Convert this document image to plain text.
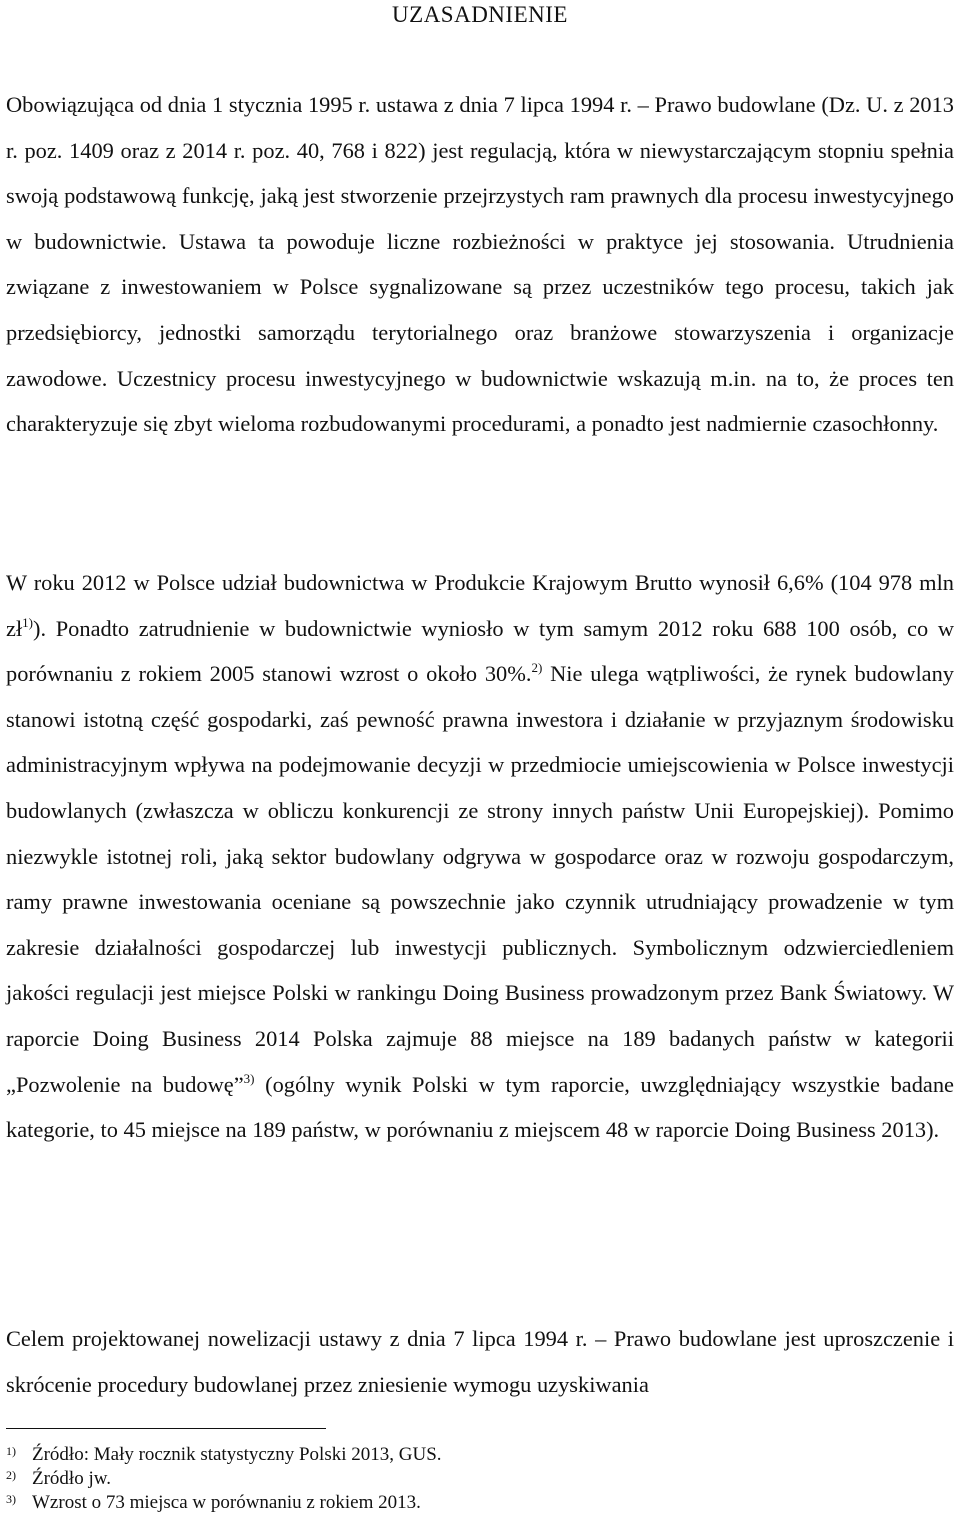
UZASADNIENIE

Obowiązująca od dnia 1 stycznia 1995 r. ustawa z dnia 7 lipca 1994 r. – Prawo budowlane (Dz. U. z 2013 r. poz. 1409 oraz z 2014 r. poz. 40, 768 i 822) jest regulacją, która w niewystarczającym stopniu spełnia swoją podstawową funkcję, jaką jest stworzenie przejrzystych ram prawnych dla procesu inwestycyjnego w budownictwie. Ustawa ta powoduje liczne rozbieżności w praktyce jej stosowania. Utrudnienia związane z inwestowaniem w Polsce sygnalizowane są przez uczestników tego procesu, takich jak przedsiębiorcy, jednostki samorządu terytorialnego oraz branżowe stowarzyszenia i organizacje zawodowe. Uczestnicy procesu inwestycyjnego w budownictwie wskazują m.in. na to, że proces ten charakteryzuje się zbyt wieloma rozbudowanymi procedurami, a ponadto jest nadmiernie czasochłonny.

W roku 2012 w Polsce udział budownictwa w Produkcie Krajowym Brutto wynosił 6,6% (104 978 mln $zł^{1)}$). Ponadto zatrudnienie w budownictwie wyniosło w tym samym 2012 roku 688 100 osób, co w porównaniu z rokiem 2005 stanowi wzrost o około 30%.$^{2)}$ Nie ulega wątpliwości, że rynek budowlany stanowi istotną część gospodarki, zaś pewność prawna inwestora i działanie w przyjaznym środowisku administracyjnym wpływa na podejmowanie decyzji w przedmiocie umiejscowienia w Polsce inwestycji budowlanych (zwłaszcza w obliczu konkurencji ze strony innych państw Unii Europejskiej). Pomimo niezwykle istotnej roli, jaką sektor budowlany odgrywa w gospodarce oraz w rozwoju gospodarczym, ramy prawne inwestowania oceniane są powszechnie jako czynnik utrudniający prowadzenie w tym zakresie działalności gospodarczej lub inwestycji publicznych. Symbolicznym odzwierciedleniem jakości regulacji jest miejsce Polski w rankingu Doing Business prowadzonym przez Bank Światowy. W raporcie Doing Business 2014 Polska zajmuje 88 miejsce na 189 badanych państw w kategorii „Pozwolenie na budowę”$^{3)}$ (ogólny wynik Polski w tym raporcie, uwzględniający wszystkie badane kategorie, to 45 miejsce na 189 państw, w porównaniu z miejscem 48 w raporcie Doing Business 2013).

Celem projektowanej nowelizacji ustawy z dnia 7 lipca 1994 r. – Prawo budowlane jest uproszczenie i skrócenie procedury budowlanej przez zniesienie wymogu uzyskiwania

1) Źródło: Mały rocznik statystyczny Polski 2013, GUS.
2) Źródło jw.
3) Wzrost o 73 miejsca w porównaniu z rokiem 2013.
